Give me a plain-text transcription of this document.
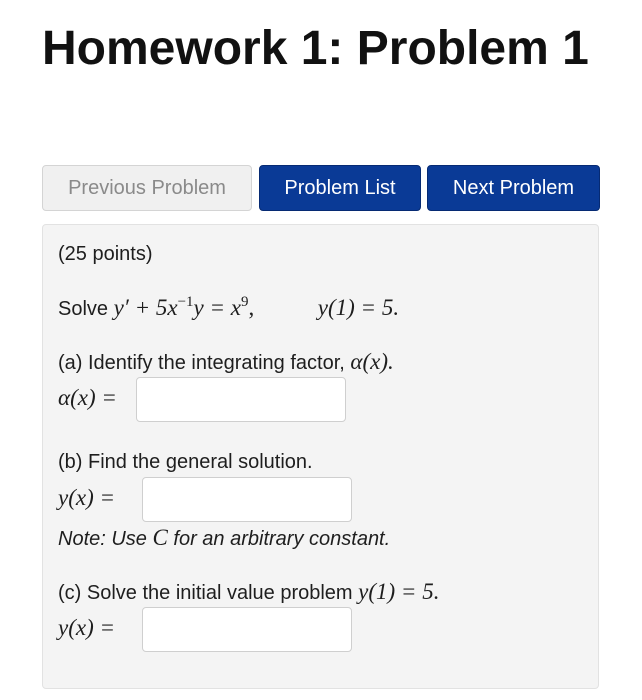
Homework 1: Problem 1
Previous Problem	Problem List	Next Problem
(25 points)
Solve $y' + 5x^{-1}y = x^9$,	y(1) = 5.
(a) Identify the integrating factor, α(x).
α(x) =
(b) Find the general solution.
y(x) =
Note: Use C for an arbitrary constant.
(c) Solve the initial value problem y(1) = 5.
y(x) =
